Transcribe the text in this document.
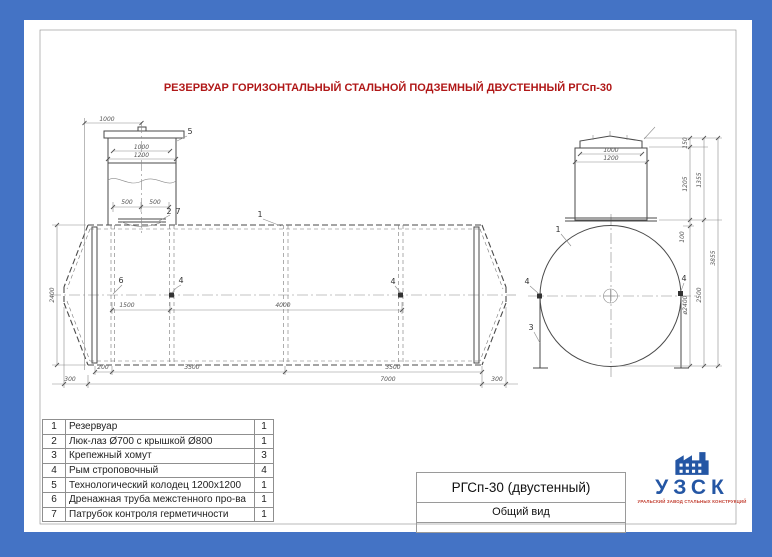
РЕЗЕРВУАР ГОРИЗОНТАЛЬНЫЙ СТАЛЬНОЙ ПОДЗЕМНЫЙ ДВУСТЕННЫЙ РГСп-30
1000
1000
1200
500	500
2400
1500	4000
200	3500	3500
300	7000	300
1
5
2 7
6	4	4
1000
1200
150
1205
100
ø2400
1355
2500
3855
1
4	4
3
1	Резервуар	1
2	Люк-лаз Ø700 с крышкой Ø800	1
3	Крепежный хомут	3
4	Рым строповочный	4
5	Технологический колодец 1200x1200	1
6	Дренажная труба межстенного про-ва	1
7	Патрубок контроля герметичности	1
РГСп-30 (двустенный)
Общий вид
УЗСК
УРАЛЬСКИЙ ЗАВОД СТАЛЬНЫХ КОНСТРУКЦИЙ
